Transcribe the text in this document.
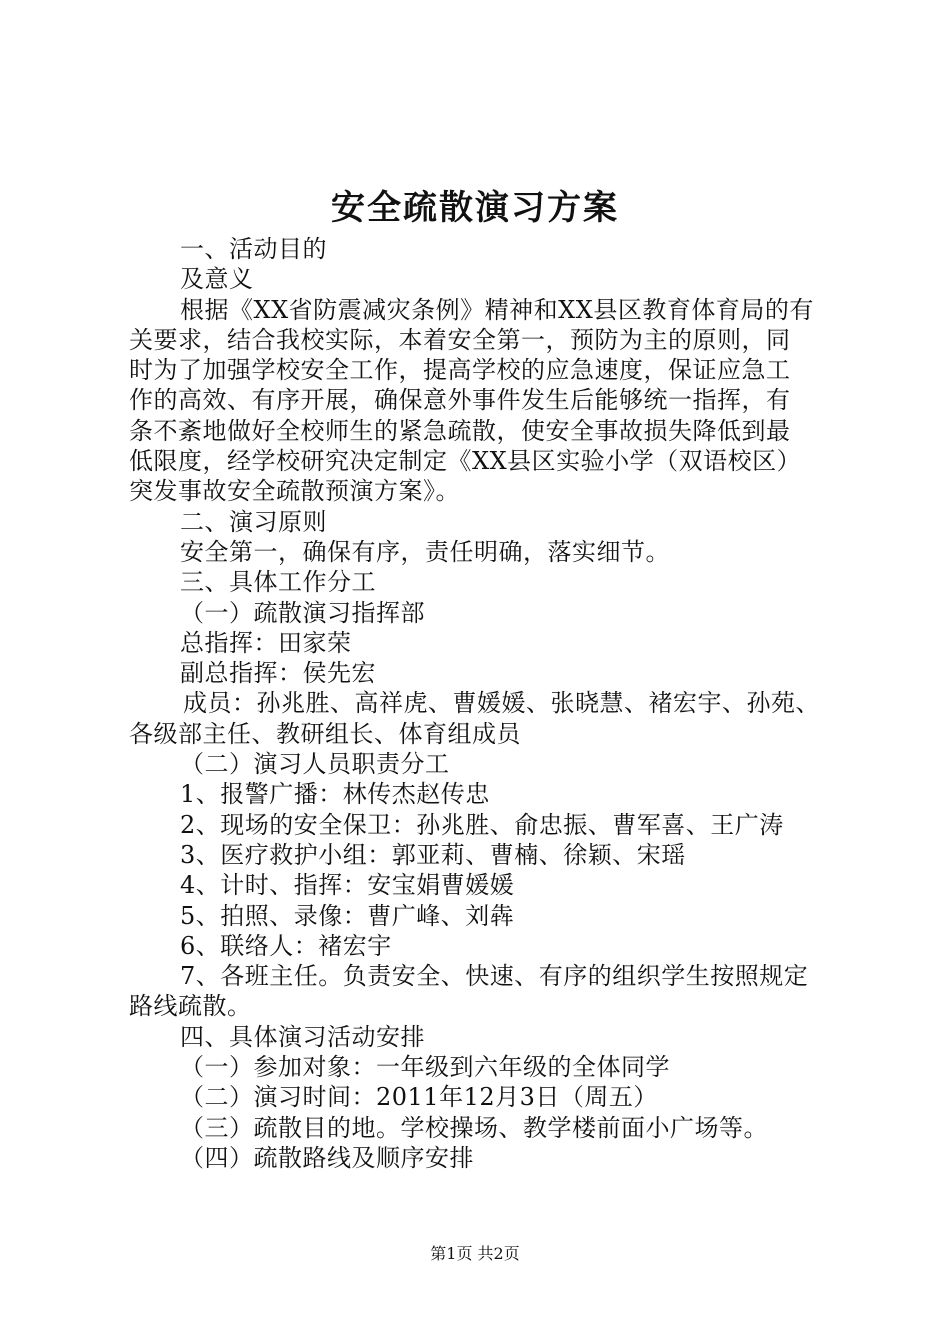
安全疏散演习方案

一、活动目的

及意义

根据《XX省防震减灾条例》精神和XX县区教育体育局的有

关要求，结合我校实际，本着安全第一，预防为主的原则，同

时为了加强学校安全工作，提高学校的应急速度，保证应急工

作的高效、有序开展，确保意外事件发生后能够统一指挥，有

条不紊地做好全校师生的紧急疏散，使安全事故损失降低到最

低限度，经学校研究决定制定《XX县区实验小学（双语校区）

突发事故安全疏散预演方案》。

二、演习原则

安全第一，确保有序，责任明确，落实细节。

三、具体工作分工

（一）疏散演习指挥部

总指挥：田家荣

副总指挥：侯先宏

成员：孙兆胜、高祥虎、曹媛媛、张晓慧、褚宏宇、孙苑、

各级部主任、教研组长、体育组成员

（二）演习人员职责分工

1、报警广播：林传杰赵传忠

2、现场的安全保卫：孙兆胜、俞忠振、曹军喜、王广涛

3、医疗救护小组：郭亚莉、曹楠、徐颖、宋瑶

4、计时、指挥：安宝娟曹媛媛

5、拍照、录像：曹广峰、刘犇

6、联络人：褚宏宇

7、各班主任。负责安全、快速、有序的组织学生按照规定

路线疏散。

四、具体演习活动安排

（一）参加对象：一年级到六年级的全体同学

（二）演习时间：2011年12月3日（周五）

（三）疏散目的地。学校操场、教学楼前面小广场等。

（四）疏散路线及顺序安排

第1页 共2页
